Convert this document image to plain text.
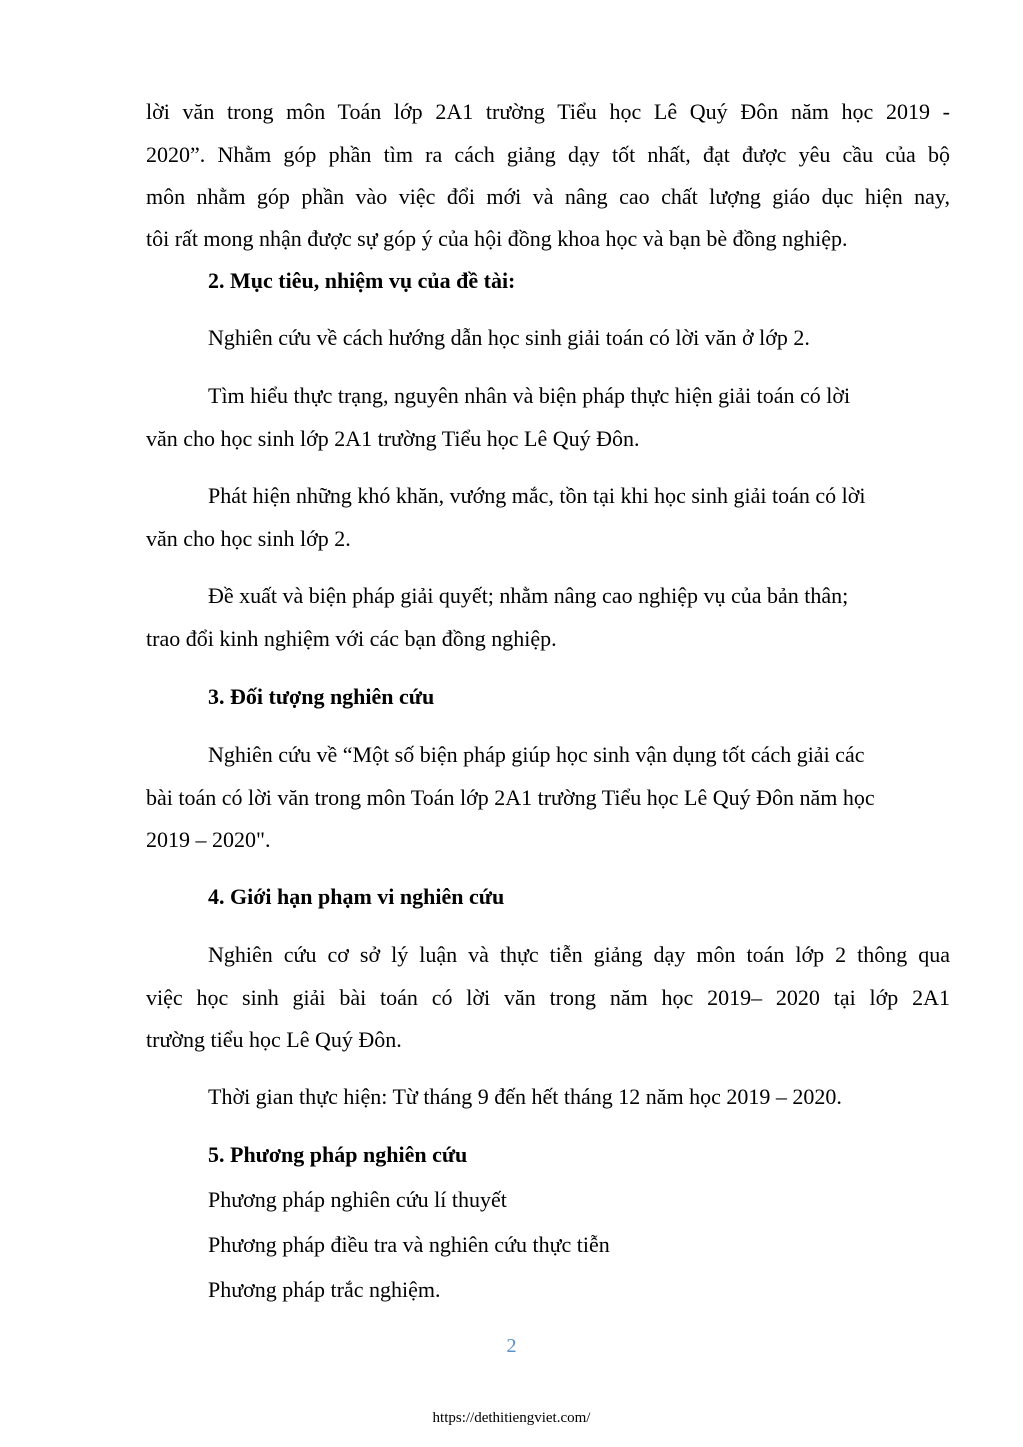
lời văn trong môn Toán lớp 2A1 trường Tiểu học Lê Quý Đôn năm học 2019 -
2020”. Nhằm góp phần tìm ra cách giảng dạy tốt nhất, đạt được yêu cầu của bộ
môn nhằm góp phần vào việc đổi mới và nâng cao chất lượng giáo dục hiện nay,
tôi rất mong nhận được sự góp ý của hội đồng khoa học và bạn bè đồng nghiệp.
2. Mục tiêu, nhiệm vụ của đề tài:
Nghiên cứu về cách hướng dẫn học sinh giải toán có lời văn ở lớp 2.
Tìm hiểu thực trạng, nguyên nhân và biện pháp thực hiện giải toán có lời
văn cho học sinh lớp 2A1 trường Tiểu học Lê Quý Đôn.
Phát hiện những khó khăn, vướng mắc, tồn tại khi học sinh giải toán có lời
văn cho học sinh lớp 2.
Đề xuất và biện pháp giải quyết; nhằm nâng cao nghiệp vụ của bản thân;
trao đổi kinh nghiệm với các bạn đồng nghiệp.
3. Đối tượng nghiên cứu
Nghiên cứu về “Một số biện pháp giúp học sinh vận dụng tốt cách giải các
bài toán có lời văn trong môn Toán lớp 2A1 trường Tiểu học Lê Quý Đôn năm học
2019 – 2020".
4. Giới hạn phạm vi nghiên cứu
Nghiên cứu cơ sở lý luận và thực tiễn giảng dạy môn toán lớp 2 thông qua
việc học sinh giải bài toán có lời văn trong năm học 2019– 2020 tại lớp 2A1
trường tiểu học Lê Quý Đôn.
Thời gian thực hiện: Từ tháng 9 đến hết tháng 12 năm học 2019 – 2020.
5. Phương pháp nghiên cứu
Phương pháp nghiên cứu lí thuyết
Phương pháp điều tra và nghiên cứu thực tiễn
Phương pháp trắc nghiệm.
2
https://dethitiengviet.com/
